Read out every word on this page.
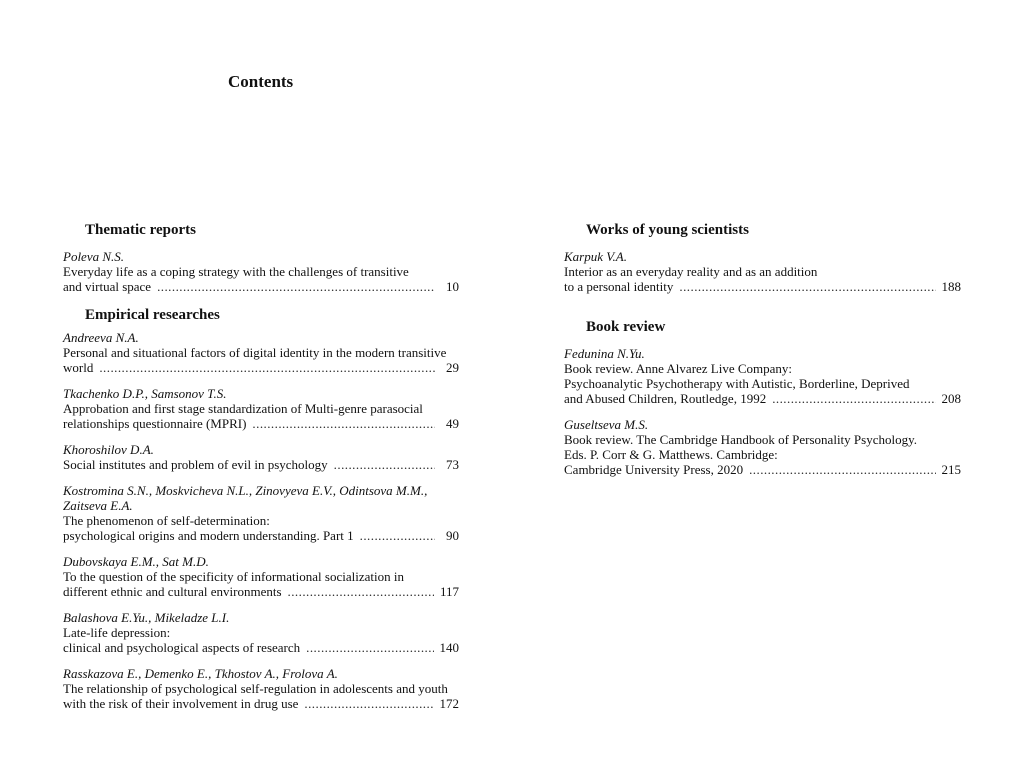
Contents
Thematic reports
Poleva N.S.
Everyday life as a coping strategy with the challenges of transitive
and virtual space . . .	10
Empirical researches
Andreeva N.A.
Personal and situational factors of digital identity in the modern transitive
world . . .	29
Tkachenko D.P., Samsonov T.S.
Approbation and first stage standardization of Multi-genre parasocial
relationships questionnaire (MPRI) . . .	49
Khoroshilov D.A.
Social institutes and problem of evil in psychology . . .	73
Kostromina S.N., Moskvicheva N.L., Zinovyeva E.V., Odintsova M.M.,
Zaitseva E.A.
The phenomenon of self-determination:
psychological origins and modern understanding. Part 1 . . .	90
Dubovskaya E.M., Sat M.D.
To the question of the specificity of informational socialization in
different ethnic and cultural environments . . .	117
Balashova E.Yu., Mikeladze L.I.
Late-life depression:
clinical and psychological aspects of research . . .	140
Rasskazova E., Demenko E., Tkhostov A., Frolova A.
The relationship of psychological self-regulation in adolescents and youth
with the risk of their involvement in drug use . . .	172
Works of young scientists
Karpuk V.A.
Interior as an everyday reality and as an addition
to a personal identity . . .	188
Book review
Fedunina N.Yu.
Book review. Anne Alvarez Live Company:
Psychoanalytic Psychotherapy with Autistic, Borderline, Deprived
and Abused Children, Routledge, 1992 . . .	208
Guseltseva M.S.
Book review. The Cambridge Handbook of Personality Psychology.
Eds. P. Corr & G. Matthews. Cambridge:
Cambridge University Press, 2020 . . .	215
